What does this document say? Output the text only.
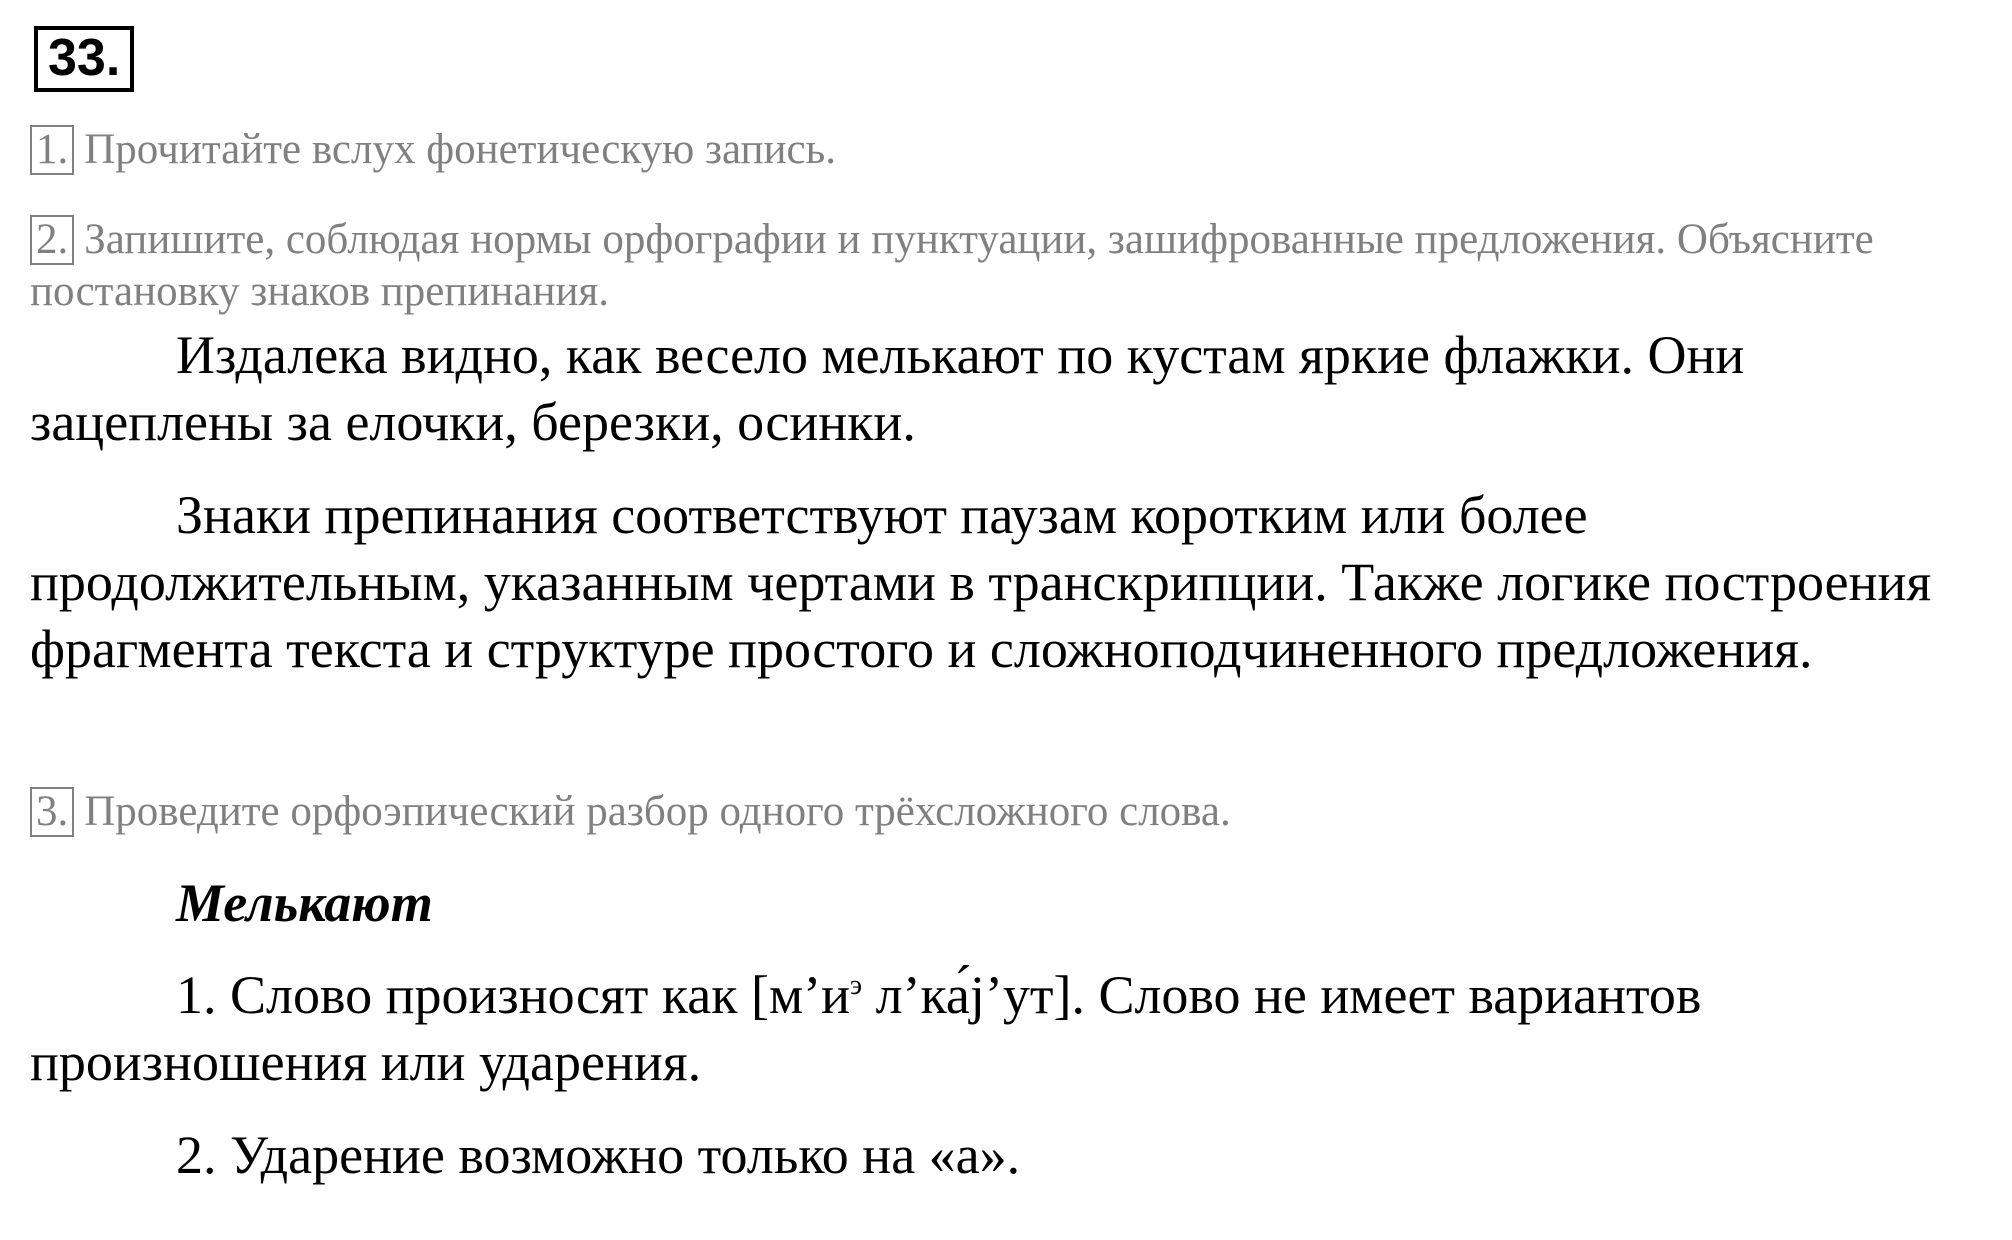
33.
1. Прочитайте вслух фонетическую запись.
2. Запишите, соблюдая нормы орфографии и пунктуации, зашифрованные предложения. Объясните постановку знаков препинания.
Издалека видно, как весело мелькают по кустам яркие флажки. Они зацеплены за елочки, березки, осинки.
Знаки препинания соответствуют паузам коротким или более продолжительным, указанным чертами в транскрипции. Также логике построения фрагмента текста и структуре простого и сложноподчиненного предложения.
3. Проведите орфоэпический разбор одного трёхсложного слова.
Мелькают
1. Слово произносят как [$м’и^э$ л’ка́j’ут]. Слово не имеет вариантов произношения или ударения.
2. Ударение возможно только на «а».
